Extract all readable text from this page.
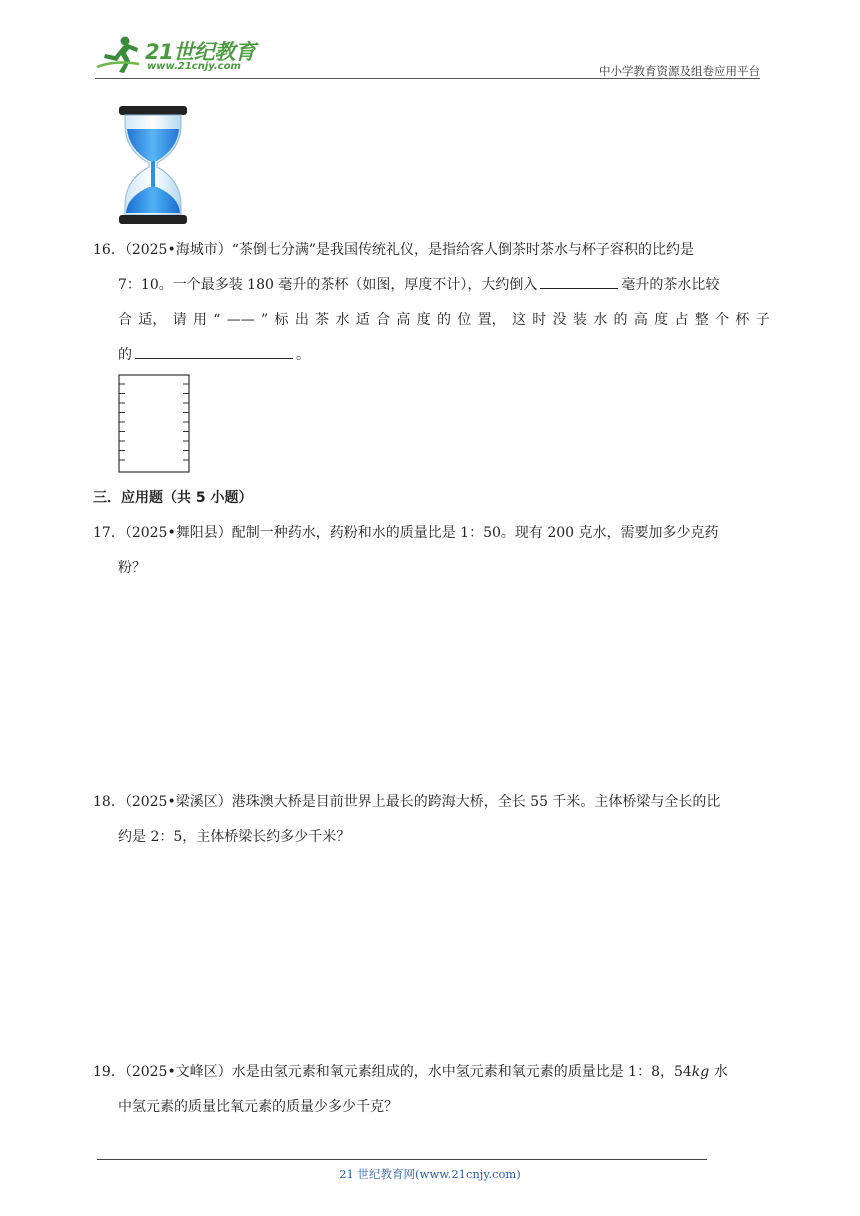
21世纪教育
www.21cnjy.com	中小学教育资源及组卷应用平台
16．（2025•海城市）“茶倒七分满”是我国传统礼仪，是指给客人倒茶时茶水与杯子容积的比约是
7：10。一个最多装 180 毫升的茶杯（如图，厚度不计），大约倒入	毫升的茶水比较
合 适， 请 用 “ —— ” 标 出 茶 水 适 合 高 度 的 位 置， 这 时 没 装 水 的 高 度 占 整 个 杯 子
的	。
三．应用题（共 5 小题）
17．（2025•舞阳县）配制一种药水，药粉和水的质量比是 1：50。现有 200 克水，需要加多少克药
粉？
18．（2025•梁溪区）港珠澳大桥是目前世界上最长的跨海大桥，全长 55 千米。主体桥梁与全长的比
约是 2：5，主体桥梁长约多少千米？
19．（2025•文峰区）水是由氢元素和氧元素组成的，水中氢元素和氧元素的质量比是 1：8，54kg 水
中氢元素的质量比氧元素的质量少多少千克？
21 世纪教育网(www.21cnjy.com)
